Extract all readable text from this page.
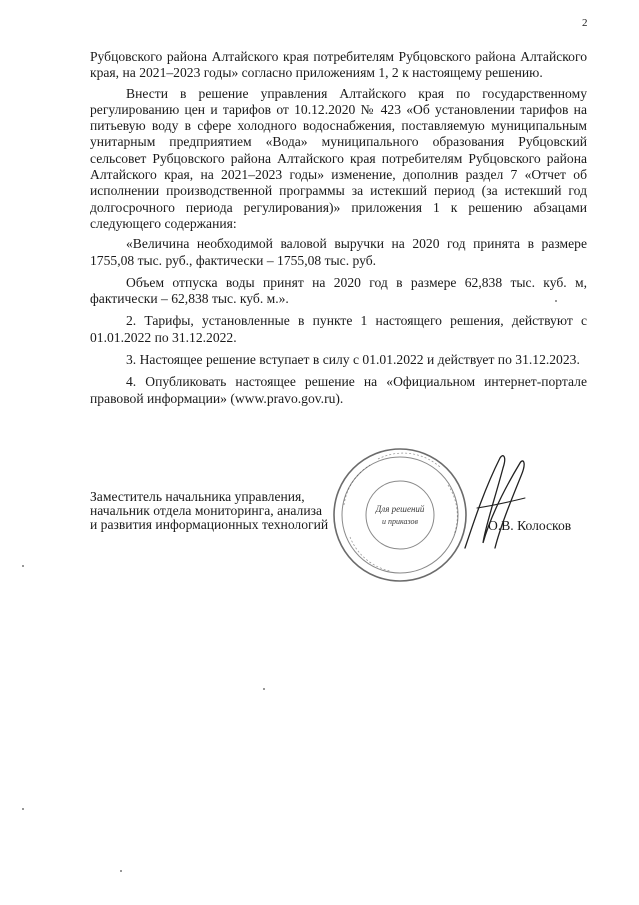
2

Рубцовского района Алтайского края потребителям Рубцовского района Алтайского края, на 2021–2023 годы» согласно приложениям 1, 2 к настоящему решению.

Внести в решение управления Алтайского края по государственному регулированию цен и тарифов от 10.12.2020 № 423 «Об установлении тарифов на питьевую воду в сфере холодного водоснабжения, поставляемую муниципальным унитарным предприятием «Вода» муниципального образования Рубцовский сельсовет Рубцовского района Алтайского края потребителям Рубцовского района Алтайского края, на 2021–2023 годы» изменение, дополнив раздел 7 «Отчет об исполнении производственной программы за истекший период (за истекший год долгосрочного периода регулирования)» приложения 1 к решению абзацами следующего содержания:

«Величина необходимой валовой выручки на 2020 год принята в размере 1755,08 тыс. руб., фактически – 1755,08 тыс. руб.

Объем отпуска воды принят на 2020 год в размере 62,838 тыс. куб. м, фактически – 62,838 тыс. куб. м.».

2. Тарифы, установленные в пункте 1 настоящего решения, действуют с 01.01.2022 по 31.12.2022.

3. Настоящее решение вступает в силу с 01.01.2022 и действует по 31.12.2023.

4. Опубликовать настоящее решение на «Официальном интернет-портале правовой информации» (www.pravo.gov.ru).

Заместитель начальника управления,
начальник отдела мониторинга, анализа
и развития информационных технологий
Для решений
и приказов	О.В. Колосков
